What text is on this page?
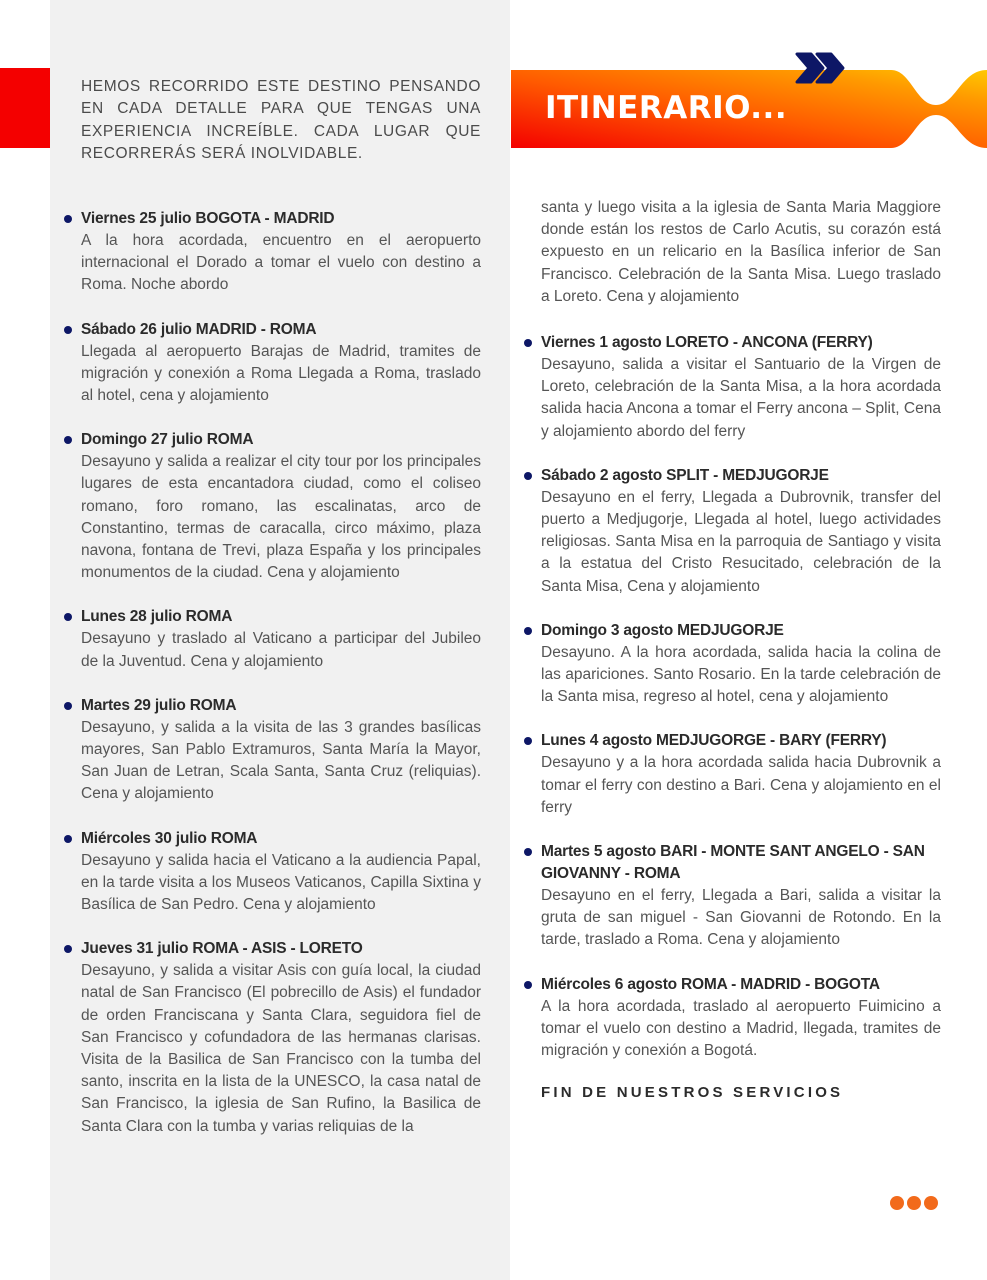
HEMOS RECORRIDO ESTE DESTINO PENSANDO EN CADA DETALLE PARA QUE TENGAS UNA EXPERIENCIA INCREÍBLE. CADA LUGAR QUE RECORRERÁS SERÁ INOLVIDABLE.

ITINERARIO...
Viernes 25 julio BOGOTA - MADRID
A la hora acordada, encuentro en el aeropuerto internacional el Dorado a tomar el vuelo con destino a Roma. Noche abordo
Sábado 26 julio MADRID - ROMA
Llegada al aeropuerto Barajas de Madrid, tramites de migración y conexión a Roma Llegada a Roma, traslado al hotel, cena y alojamiento
Domingo 27 julio ROMA
Desayuno y salida a realizar el city tour por los principales lugares de esta encantadora ciudad, como el coliseo romano, foro romano, las escalinatas, arco de Constantino, termas de caracalla, circo máximo, plaza navona, fontana de Trevi, plaza España y los principales monumentos de la ciudad. Cena y alojamiento
Lunes 28 julio ROMA
Desayuno y traslado al Vaticano a participar del Jubileo de la Juventud. Cena y alojamiento
Martes 29 julio ROMA
Desayuno, y salida a la visita de las 3 grandes basílicas mayores, San Pablo Extramuros, Santa María la Mayor, San Juan de Letran, Scala Santa, Santa Cruz (reliquias). Cena y alojamiento
Miércoles 30 julio ROMA
Desayuno y salida hacia el Vaticano a la audiencia Papal, en la tarde visita a los Museos Vaticanos, Capilla Sixtina y Basílica de San Pedro. Cena y alojamiento
Jueves 31 julio ROMA - ASIS - LORETO
Desayuno, y salida a visitar Asis con guía local, la ciudad natal de San Francisco (El pobrecillo de Asis) el fundador de orden Franciscana y Santa Clara, seguidora fiel de San Francisco y cofundadora de las hermanas clarisas. Visita de la Basilica de San Francisco con la tumba del santo, inscrita en la lista de la UNESCO, la casa natal de San Francisco, la iglesia de San Rufino, la Basilica de Santa Clara con la tumba y varias reliquias de la
santa y luego visita a la iglesia de Santa Maria Maggiore donde están los restos de Carlo Acutis, su corazón está expuesto en un relicario en la Basílica inferior de San Francisco. Celebración de la Santa Misa. Luego traslado a Loreto. Cena y alojamiento
Viernes 1 agosto LORETO - ANCONA (FERRY)
Desayuno, salida a visitar el Santuario de la Virgen de Loreto, celebración de la Santa Misa, a la hora acordada salida hacia Ancona a tomar el Ferry ancona – Split, Cena y alojamiento abordo del ferry
Sábado 2 agosto SPLIT - MEDJUGORJE
Desayuno en el ferry, Llegada a Dubrovnik, transfer del puerto a Medjugorje, Llegada al hotel, luego actividades religiosas. Santa Misa en la parroquia de Santiago y visita a la estatua del Cristo Resucitado, celebración de la Santa Misa, Cena y alojamiento
Domingo 3 agosto MEDJUGORJE
Desayuno. A la hora acordada, salida hacia la colina de las apariciones. Santo Rosario. En la tarde celebración de la Santa misa, regreso al hotel, cena y alojamiento
Lunes 4 agosto MEDJUGORGE - BARY (FERRY)
Desayuno y a la hora acordada salida hacia Dubrovnik a tomar el ferry con destino a Bari. Cena y alojamiento en el ferry
Martes 5 agosto BARI - MONTE SANT ANGELO - SAN GIOVANNY - ROMA
Desayuno en el ferry, Llegada a Bari, salida a visitar la gruta de san miguel - San Giovanni de Rotondo. En la tarde, traslado a Roma. Cena y alojamiento
Miércoles 6 agosto ROMA - MADRID - BOGOTA
A la hora acordada, traslado al aeropuerto Fuimicino a tomar el vuelo con destino a Madrid, llegada, tramites de migración y conexión a Bogotá.
FIN DE NUESTROS SERVICIOS
